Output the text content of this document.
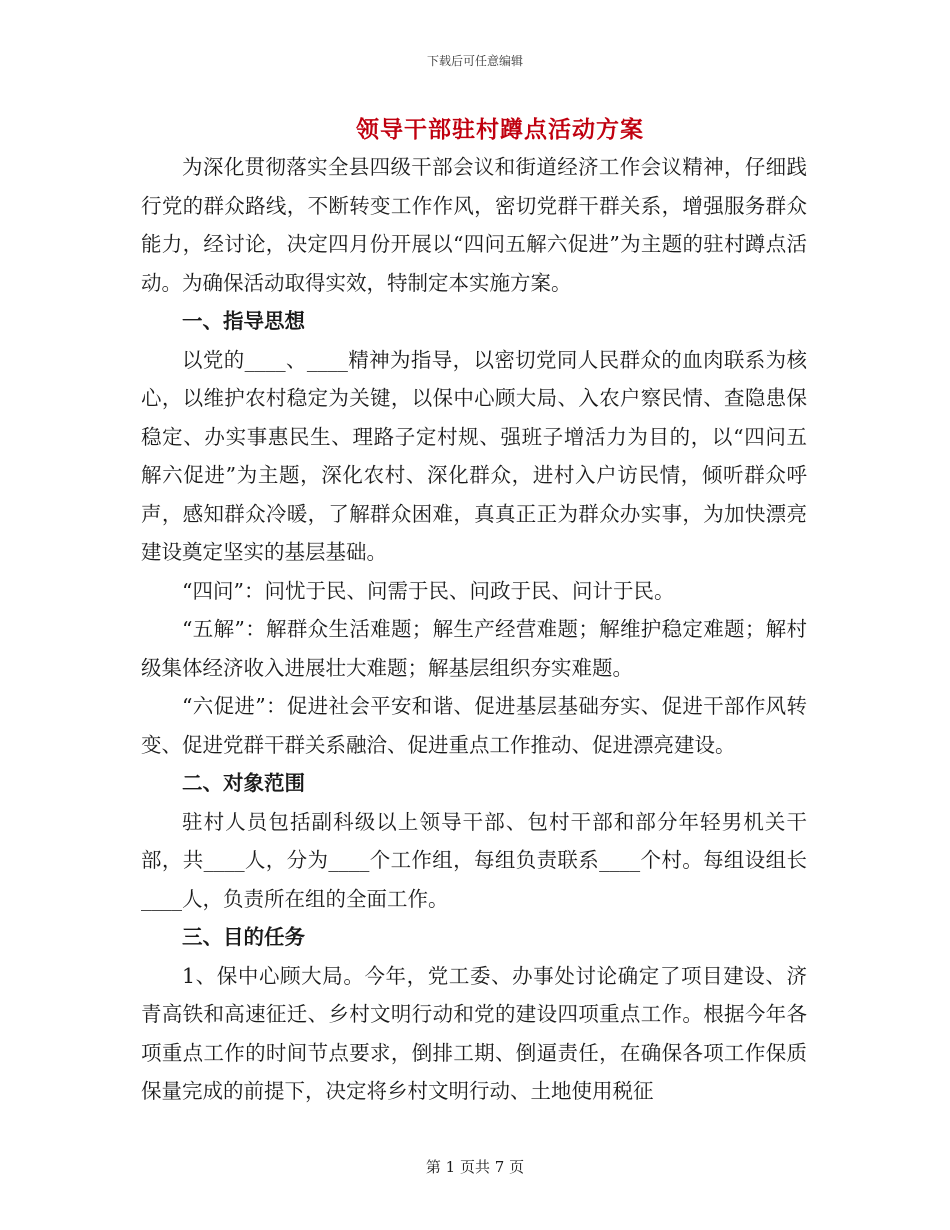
下载后可任意编辑
领导干部驻村蹲点活动方案

为深化贯彻落实全县四级干部会议和街道经济工作会议精神，仔细践行党的群众路线，不断转变工作作风，密切党群干群关系，增强服务群众能力，经讨论，决定四月份开展以“四问五解六促进”为主题的驻村蹲点活动。为确保活动取得实效，特制定本实施方案。

一、指导思想

以党的____、____精神为指导，以密切党同人民群众的血肉联系为核心，以维护农村稳定为关键，以保中心顾大局、入农户察民情、查隐患保稳定、办实事惠民生、理路子定村规、强班子增活力为目的，以“四问五解六促进”为主题，深化农村、深化群众，进村入户访民情，倾听群众呼声，感知群众冷暖，了解群众困难，真真正正为群众办实事，为加快漂亮建设奠定坚实的基层基础。

“四问”：问忧于民、问需于民、问政于民、问计于民。

“五解”：解群众生活难题；解生产经营难题；解维护稳定难题；解村级集体经济收入进展壮大难题；解基层组织夯实难题。

“六促进”：促进社会平安和谐、促进基层基础夯实、促进干部作风转变、促进党群干群关系融洽、促进重点工作推动、促进漂亮建设。

二、对象范围

驻村人员包括副科级以上领导干部、包村干部和部分年轻男机关干部，共____人，分为____个工作组，每组负责联系____个村。每组设组长____人，负责所在组的全面工作。

三、目的任务

1、保中心顾大局。今年，党工委、办事处讨论确定了项目建设、济青高铁和高速征迁、乡村文明行动和党的建设四项重点工作。根据今年各项重点工作的时间节点要求，倒排工期、倒逼责任，在确保各项工作保质保量完成的前提下，决定将乡村文明行动、土地使用税征

第 1 页共 7 页
